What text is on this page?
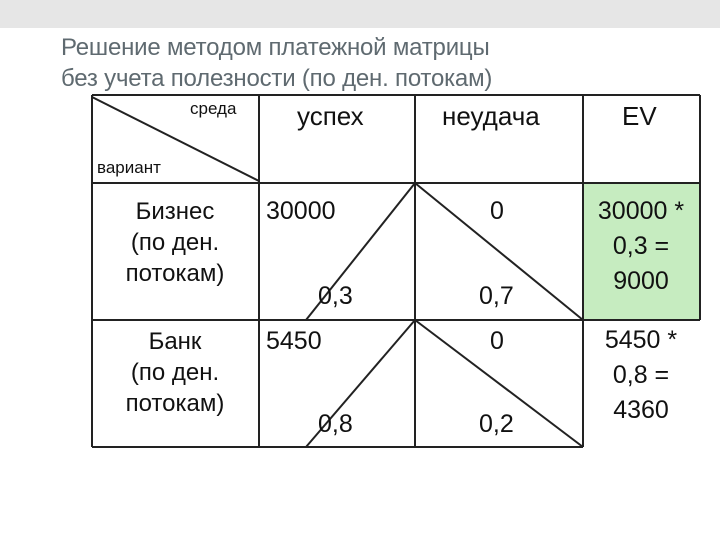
Решение методом платежной матрицы
без учета полезности (по ден. потокам)
среда
вариант
успех	неудача	EV
Бизнес
(по ден.
потокам)
30000
0,3
0
0,7
30000 *
0,3 =
9000
Банк
(по ден.
потокам)
5450
0,8
0
0,2
5450 *
0,8 =
4360
